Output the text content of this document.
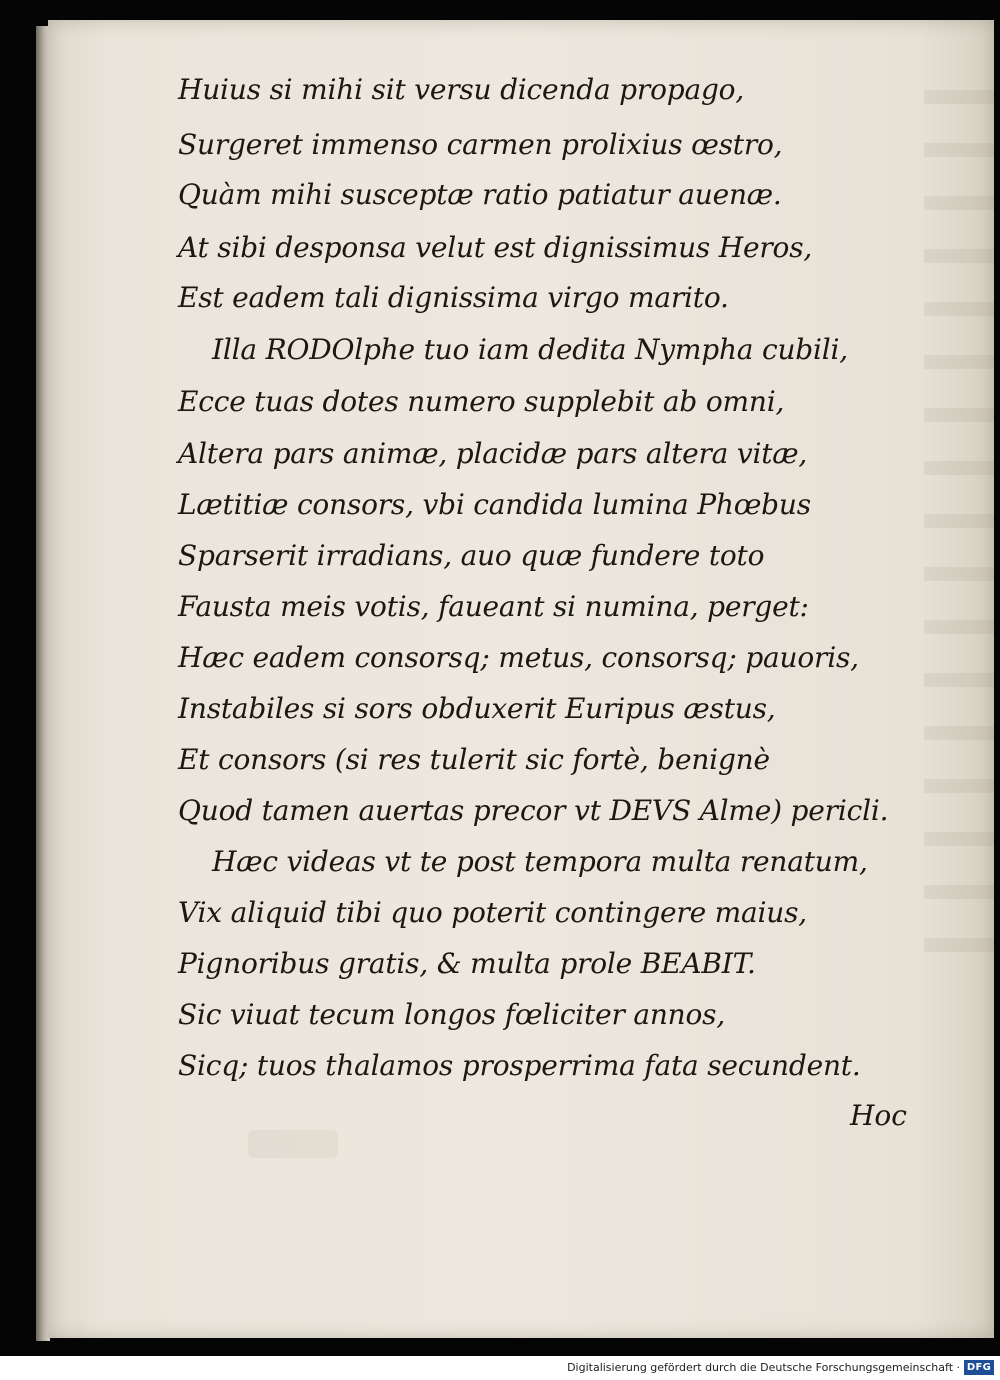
Huius si mihi sit versu dicenda propago,
Surgeret immenso carmen prolixius œstro,
Quàm mihi susceptæ ratio patiatur auenæ.
At sibi desponsa velut est dignissimus Heros,
Est eadem tali dignissima virgo marito.
Illa RODOlphe tuo iam dedita Nympha cubili,
Ecce tuas dotes numero supplebit ab omni,
Altera pars animæ, placidæ pars altera vitæ,
Lætitiæ consors, vbi candida lumina Phœbus
Sparserit irradians, auo quæ fundere toto
Fausta meis votis, faueant si numina, perget:
Hæc eadem consorsq; metus, consorsq; pauoris,
Instabiles si sors obduxerit Euripus æstus,
Et consors (si res tulerit sic fortè, benignè
Quod tamen auertas precor vt DEVS Alme) pericli.
Hæc videas vt te post tempora multa renatum,
Vix aliquid tibi quo poterit contingere maius,
Pignoribus gratis, & multa prole BEABIT.
Sic viuat tecum longos fœliciter annos,
Sicq; tuos thalamos prosperrima fata secundent.
Hoc
Digitalisierung gefördert durch die Deutsche Forschungsgemeinschaft · DFG
